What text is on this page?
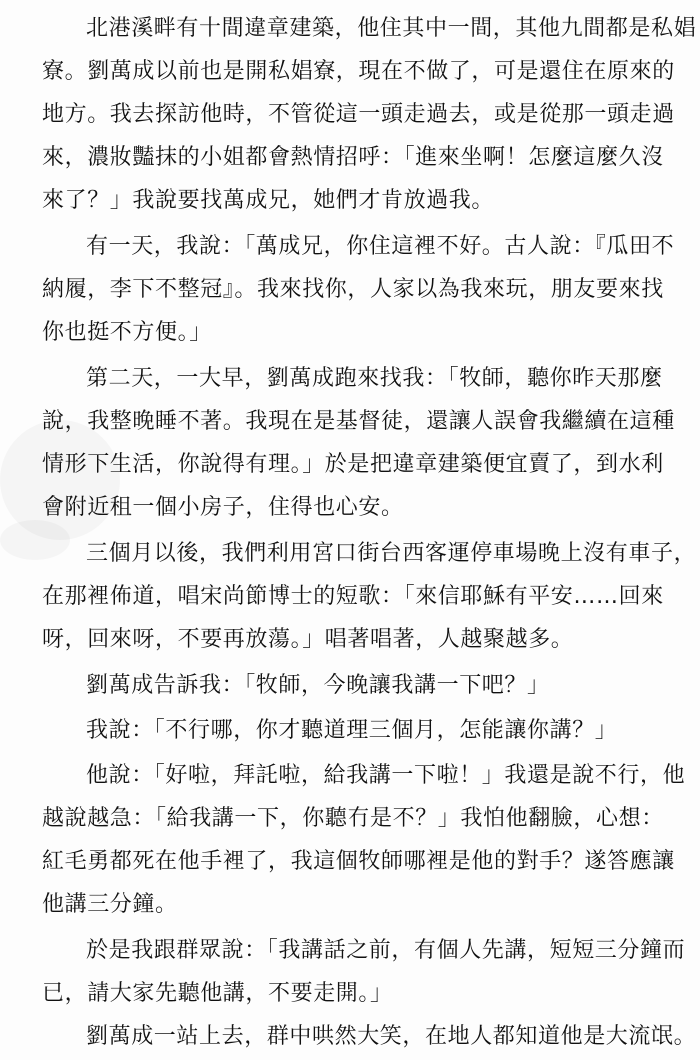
北港溪畔有十間違章建築，他住其中一間，其他九間都是私娼
寮。劉萬成以前也是開私娼寮，現在不做了，可是還住在原來的
地方。我去探訪他時，不管從這一頭走過去，或是從那一頭走過
來，濃妝豔抹的小姐都會熱情招呼：「進來坐啊！怎麼這麼久沒
來了？」我說要找萬成兄，她們才肯放過我。
有一天，我說：「萬成兄，你住這裡不好。古人說：『瓜田不
納履，李下不整冠』。我來找你，人家以為我來玩，朋友要來找
你也挺不方便。」
第二天，一大早，劉萬成跑來找我：「牧師，聽你昨天那麼
說，我整晚睡不著。我現在是基督徒，還讓人誤會我繼續在這種
情形下生活，你說得有理。」於是把違章建築便宜賣了，到水利
會附近租一個小房子，住得也心安。
三個月以後，我們利用宮口街台西客運停車場晚上沒有車子，
在那裡佈道，唱宋尚節博士的短歌：「來信耶穌有平安……回來
呀，回來呀，不要再放蕩。」唱著唱著，人越聚越多。
劉萬成告訴我：「牧師，今晚讓我講一下吧？」
我說：「不行哪，你才聽道理三個月，怎能讓你講？」
他說：「好啦，拜託啦，給我講一下啦！」我還是說不行，他
越說越急：「給我講一下，你聽冇是不？」我怕他翻臉，心想：
紅毛勇都死在他手裡了，我這個牧師哪裡是他的對手？遂答應讓
他講三分鐘。
於是我跟群眾說：「我講話之前，有個人先講，短短三分鐘而
已，請大家先聽他講，不要走開。」
劉萬成一站上去，群中哄然大笑，在地人都知道他是大流氓。
